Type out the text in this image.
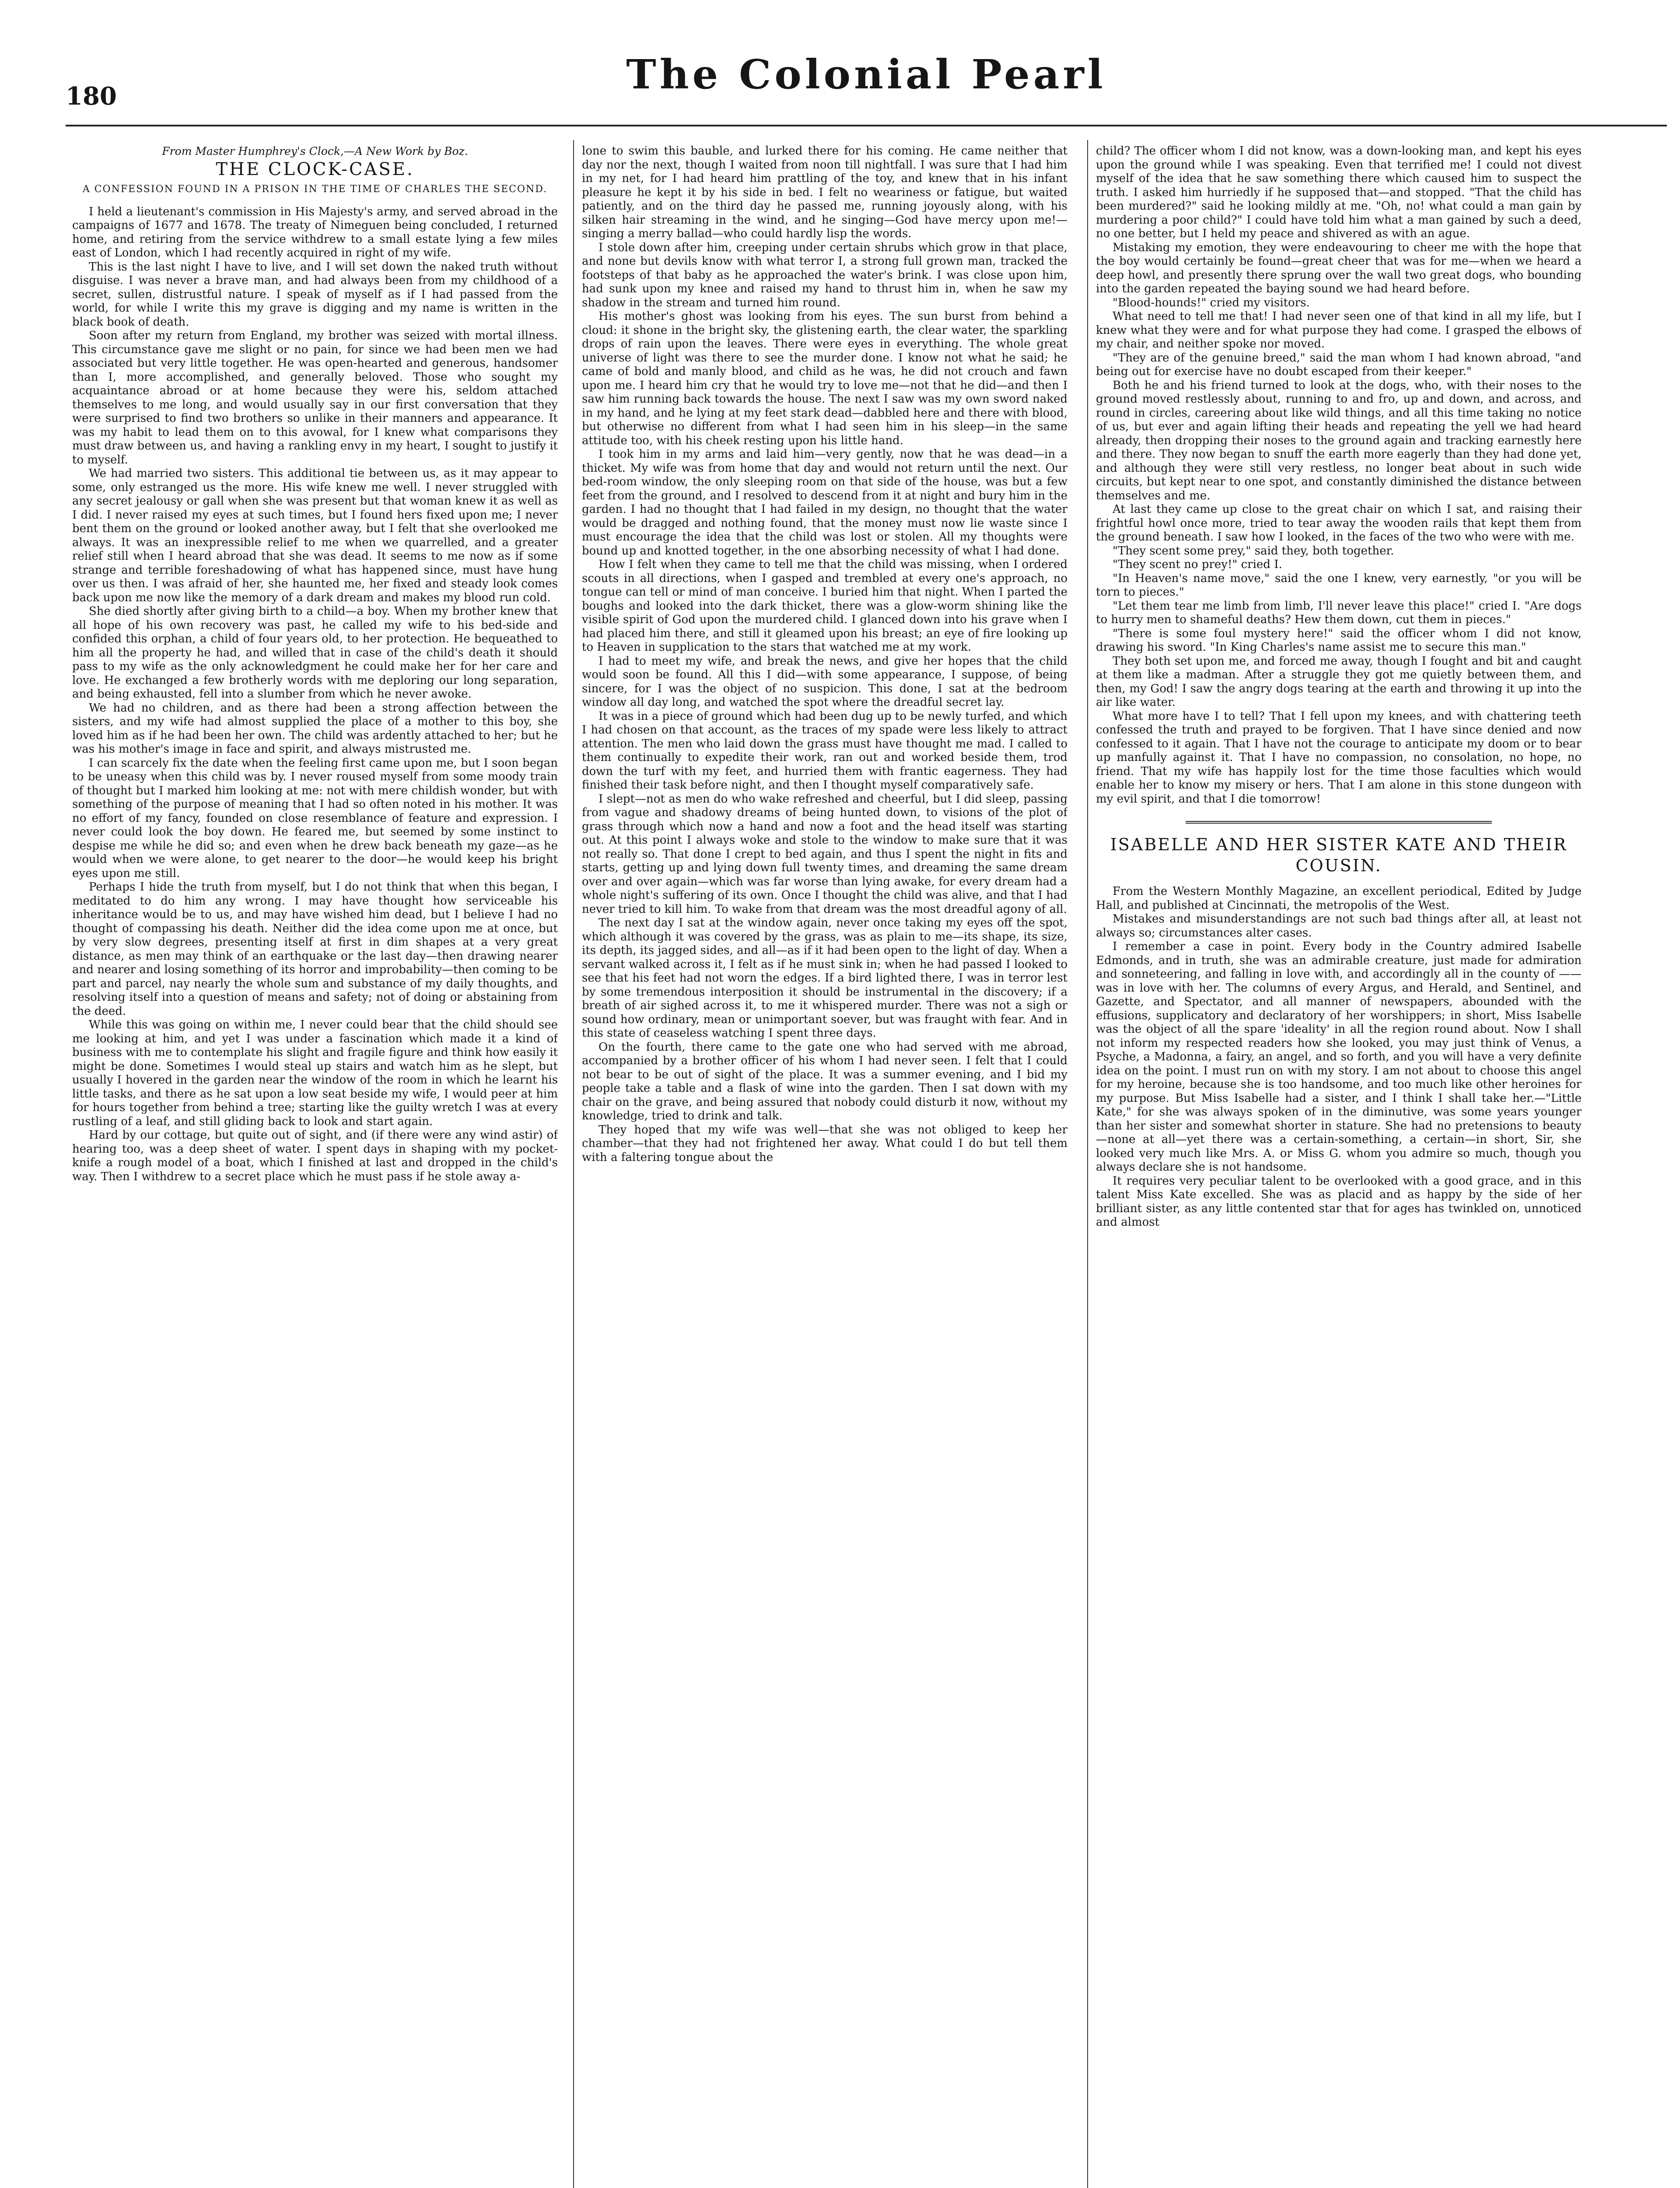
180	The Colonial Pearl

From Master Humphrey's Clock,—A New Work by Boz.

THE CLOCK-CASE.

A CONFESSION FOUND IN A PRISON IN THE TIME OF CHARLES THE SECOND.

I held a lieutenant's commission in His Majesty's army, and served abroad in the campaigns of 1677 and 1678. The treaty of Nimeguen being concluded, I returned home, and retiring from the service withdrew to a small estate lying a few miles east of London, which I had recently acquired in right of my wife.

This is the last night I have to live, and I will set down the naked truth without disguise. I was never a brave man, and had always been from my childhood of a secret, sullen, distrustful nature. I speak of myself as if I had passed from the world, for while I write this my grave is digging and my name is written in the black book of death.

Soon after my return from England, my brother was seized with mortal illness. This circumstance gave me slight or no pain, for since we had been men we had associated but very little together. He was open-hearted and generous, handsomer than I, more accomplished, and generally beloved. Those who sought my acquaintance abroad or at home because they were his, seldom attached themselves to me long, and would usually say in our first conversation that they were surprised to find two brothers so unlike in their manners and appearance. It was my habit to lead them on to this avowal, for I knew what comparisons they must draw between us, and having a rankling envy in my heart, I sought to justify it to myself.

We had married two sisters. This additional tie between us, as it may appear to some, only estranged us the more. His wife knew me well. I never struggled with any secret jealousy or gall when she was present but that woman knew it as well as I did. I never raised my eyes at such times, but I found hers fixed upon me; I never bent them on the ground or looked another away, but I felt that she overlooked me always. It was an inexpressible relief to me when we quarrelled, and a greater relief still when I heard abroad that she was dead. It seems to me now as if some strange and terrible foreshadowing of what has happened since, must have hung over us then. I was afraid of her, she haunted me, her fixed and steady look comes back upon me now like the memory of a dark dream and makes my blood run cold.

She died shortly after giving birth to a child—a boy. When my brother knew that all hope of his own recovery was past, he called my wife to his bed-side and confided this orphan, a child of four years old, to her protection. He bequeathed to him all the property he had, and willed that in case of the child's death it should pass to my wife as the only acknowledgment he could make her for her care and love. He exchanged a few brotherly words with me deploring our long separation, and being exhausted, fell into a slumber from which he never awoke.

We had no children, and as there had been a strong affection between the sisters, and my wife had almost supplied the place of a mother to this boy, she loved him as if he had been her own. The child was ardently attached to her; but he was his mother's image in face and spirit, and always mistrusted me.

I can scarcely fix the date when the feeling first came upon me, but I soon began to be uneasy when this child was by. I never roused myself from some moody train of thought but I marked him looking at me: not with mere childish wonder, but with something of the purpose of meaning that I had so often noted in his mother. It was no effort of my fancy, founded on close resemblance of feature and expression. I never could look the boy down. He feared me, but seemed by some instinct to despise me while he did so; and even when he drew back beneath my gaze—as he would when we were alone, to get nearer to the door—he would keep his bright eyes upon me still.

Perhaps I hide the truth from myself, but I do not think that when this began, I meditated to do him any wrong. I may have thought how serviceable his inheritance would be to us, and may have wished him dead, but I believe I had no thought of compassing his death. Neither did the idea come upon me at once, but by very slow degrees, presenting itself at first in dim shapes at a very great distance, as men may think of an earthquake or the last day—then drawing nearer and nearer and losing something of its horror and improbability—then coming to be part and parcel, nay nearly the whole sum and substance of my daily thoughts, and resolving itself into a question of means and safety; not of doing or abstaining from the deed.

While this was going on within me, I never could bear that the child should see me looking at him, and yet I was under a fascination which made it a kind of business with me to contemplate his slight and fragile figure and think how easily it might be done. Sometimes I would steal up stairs and watch him as he slept, but usually I hovered in the garden near the window of the room in which he learnt his little tasks, and there as he sat upon a low seat beside my wife, I would peer at him for hours together from behind a tree; starting like the guilty wretch I was at every rustling of a leaf, and still gliding back to look and start again.

Hard by our cottage, but quite out of sight, and (if there were any wind astir) of hearing too, was a deep sheet of water. I spent days in shaping with my pocket-knife a rough model of a boat, which I finished at last and dropped in the child's way. Then I withdrew to a secret place which he must pass if he stole away a-

lone to swim this bauble, and lurked there for his coming. He came neither that day nor the next, though I waited from noon till nightfall. I was sure that I had him in my net, for I had heard him prattling of the toy, and knew that in his infant pleasure he kept it by his side in bed. I felt no weariness or fatigue, but waited patiently, and on the third day he passed me, running joyously along, with his silken hair streaming in the wind, and he singing—God have mercy upon me!—singing a merry ballad—who could hardly lisp the words.

I stole down after him, creeping under certain shrubs which grow in that place, and none but devils know with what terror I, a strong full grown man, tracked the footsteps of that baby as he approached the water's brink. I was close upon him, had sunk upon my knee and raised my hand to thrust him in, when he saw my shadow in the stream and turned him round.

His mother's ghost was looking from his eyes. The sun burst from behind a cloud: it shone in the bright sky, the glistening earth, the clear water, the sparkling drops of rain upon the leaves. There were eyes in everything. The whole great universe of light was there to see the murder done. I know not what he said; he came of bold and manly blood, and child as he was, he did not crouch and fawn upon me. I heard him cry that he would try to love me—not that he did—and then I saw him running back towards the house. The next I saw was my own sword naked in my hand, and he lying at my feet stark dead—dabbled here and there with blood, but otherwise no different from what I had seen him in his sleep—in the same attitude too, with his cheek resting upon his little hand.

I took him in my arms and laid him—very gently, now that he was dead—in a thicket. My wife was from home that day and would not return until the next. Our bed-room window, the only sleeping room on that side of the house, was but a few feet from the ground, and I resolved to descend from it at night and bury him in the garden. I had no thought that I had failed in my design, no thought that the water would be dragged and nothing found, that the money must now lie waste since I must encourage the idea that the child was lost or stolen. All my thoughts were bound up and knotted together, in the one absorbing necessity of what I had done.

How I felt when they came to tell me that the child was missing, when I ordered scouts in all directions, when I gasped and trembled at every one's approach, no tongue can tell or mind of man conceive. I buried him that night. When I parted the boughs and looked into the dark thicket, there was a glow-worm shining like the visible spirit of God upon the murdered child. I glanced down into his grave when I had placed him there, and still it gleamed upon his breast; an eye of fire looking up to Heaven in supplication to the stars that watched me at my work.

I had to meet my wife, and break the news, and give her hopes that the child would soon be found. All this I did—with some appearance, I suppose, of being sincere, for I was the object of no suspicion. This done, I sat at the bedroom window all day long, and watched the spot where the dreadful secret lay.

It was in a piece of ground which had been dug up to be newly turfed, and which I had chosen on that account, as the traces of my spade were less likely to attract attention. The men who laid down the grass must have thought me mad. I called to them continually to expedite their work, ran out and worked beside them, trod down the turf with my feet, and hurried them with frantic eagerness. They had finished their task before night, and then I thought myself comparatively safe.

I slept—not as men do who wake refreshed and cheerful, but I did sleep, passing from vague and shadowy dreams of being hunted down, to visions of the plot of grass through which now a hand and now a foot and the head itself was starting out. At this point I always woke and stole to the window to make sure that it was not really so. That done I crept to bed again, and thus I spent the night in fits and starts, getting up and lying down full twenty times, and dreaming the same dream over and over again—which was far worse than lying awake, for every dream had a whole night's suffering of its own. Once I thought the child was alive, and that I had never tried to kill him. To wake from that dream was the most dreadful agony of all.

The next day I sat at the window again, never once taking my eyes off the spot, which although it was covered by the grass, was as plain to me—its shape, its size, its depth, its jagged sides, and all—as if it had been open to the light of day. When a servant walked across it, I felt as if he must sink in; when he had passed I looked to see that his feet had not worn the edges. If a bird lighted there, I was in terror lest by some tremendous interposition it should be instrumental in the discovery; if a breath of air sighed across it, to me it whispered murder. There was not a sigh or sound how ordinary, mean or unimportant soever, but was fraught with fear. And in this state of ceaseless watching I spent three days.

On the fourth, there came to the gate one who had served with me abroad, accompanied by a brother officer of his whom I had never seen. I felt that I could not bear to be out of sight of the place. It was a summer evening, and I bid my people take a table and a flask of wine into the garden. Then I sat down with my chair on the grave, and being assured that nobody could disturb it now, without my knowledge, tried to drink and talk.

They hoped that my wife was well—that she was not obliged to keep her chamber—that they had not frightened her away. What could I do but tell them with a faltering tongue about the

child? The officer whom I did not know, was a down-looking man, and kept his eyes upon the ground while I was speaking. Even that terrified me! I could not divest myself of the idea that he saw something there which caused him to suspect the truth. I asked him hurriedly if he supposed that—and stopped. "That the child has been murdered?" said he looking mildly at me. "Oh, no! what could a man gain by murdering a poor child?" I could have told him what a man gained by such a deed, no one better, but I held my peace and shivered as with an ague.

Mistaking my emotion, they were endeavouring to cheer me with the hope that the boy would certainly be found—great cheer that was for me—when we heard a deep howl, and presently there sprung over the wall two great dogs, who bounding into the garden repeated the baying sound we had heard before.

"Blood-hounds!" cried my visitors.

What need to tell me that! I had never seen one of that kind in all my life, but I knew what they were and for what purpose they had come. I grasped the elbows of my chair, and neither spoke nor moved.

"They are of the genuine breed," said the man whom I had known abroad, "and being out for exercise have no doubt escaped from their keeper."

Both he and his friend turned to look at the dogs, who, with their noses to the ground moved restlessly about, running to and fro, up and down, and across, and round in circles, careering about like wild things, and all this time taking no notice of us, but ever and again lifting their heads and repeating the yell we had heard already, then dropping their noses to the ground again and tracking earnestly here and there. They now began to snuff the earth more eagerly than they had done yet, and although they were still very restless, no longer beat about in such wide circuits, but kept near to one spot, and constantly diminished the distance between themselves and me.

At last they came up close to the great chair on which I sat, and raising their frightful howl once more, tried to tear away the wooden rails that kept them from the ground beneath. I saw how I looked, in the faces of the two who were with me.

"They scent some prey," said they, both together.

"They scent no prey!" cried I.

"In Heaven's name move," said the one I knew, very earnestly, "or you will be torn to pieces."

"Let them tear me limb from limb, I'll never leave this place!" cried I. "Are dogs to hurry men to shameful deaths? Hew them down, cut them in pieces."

"There is some foul mystery here!" said the officer whom I did not know, drawing his sword. "In King Charles's name assist me to secure this man."

They both set upon me, and forced me away, though I fought and bit and caught at them like a madman. After a struggle they got me quietly between them, and then, my God! I saw the angry dogs tearing at the earth and throwing it up into the air like water.

What more have I to tell? That I fell upon my knees, and with chattering teeth confessed the truth and prayed to be forgiven. That I have since denied and now confessed to it again. That I have not the courage to anticipate my doom or to bear up manfully against it. That I have no compassion, no consolation, no hope, no friend. That my wife has happily lost for the time those faculties which would enable her to know my misery or hers. That I am alone in this stone dungeon with my evil spirit, and that I die tomorrow!

ISABELLE AND HER SISTER KATE AND THEIR COUSIN.

From the Western Monthly Magazine, an excellent periodical, Edited by Judge Hall, and published at Cincinnati, the metropolis of the West.

Mistakes and misunderstandings are not such bad things after all, at least not always so; circumstances alter cases.

I remember a case in point. Every body in the Country admired Isabelle Edmonds, and in truth, she was an admirable creature, just made for admiration and sonneteering, and falling in love with, and accordingly all in the county of —— was in love with her. The columns of every Argus, and Herald, and Sentinel, and Gazette, and Spectator, and all manner of newspapers, abounded with the effusions, supplicatory and declaratory of her worshippers; in short, Miss Isabelle was the object of all the spare 'ideality' in all the region round about. Now I shall not inform my respected readers how she looked, you may just think of Venus, a Psyche, a Madonna, a fairy, an angel, and so forth, and you will have a very definite idea on the point. I must run on with my story. I am not about to choose this angel for my heroine, because she is too handsome, and too much like other heroines for my purpose. But Miss Isabelle had a sister, and I think I shall take her.—"Little Kate," for she was always spoken of in the diminutive, was some years younger than her sister and somewhat shorter in stature. She had no pretensions to beauty—none at all—yet there was a certain-something, a certain—in short, Sir, she looked very much like Mrs. A. or Miss G. whom you admire so much, though you always declare she is not handsome.

It requires very peculiar talent to be overlooked with a good grace, and in this talent Miss Kate excelled. She was as placid and as happy by the side of her brilliant sister, as any little contented star that for ages has twinkled on, unnoticed and almost
